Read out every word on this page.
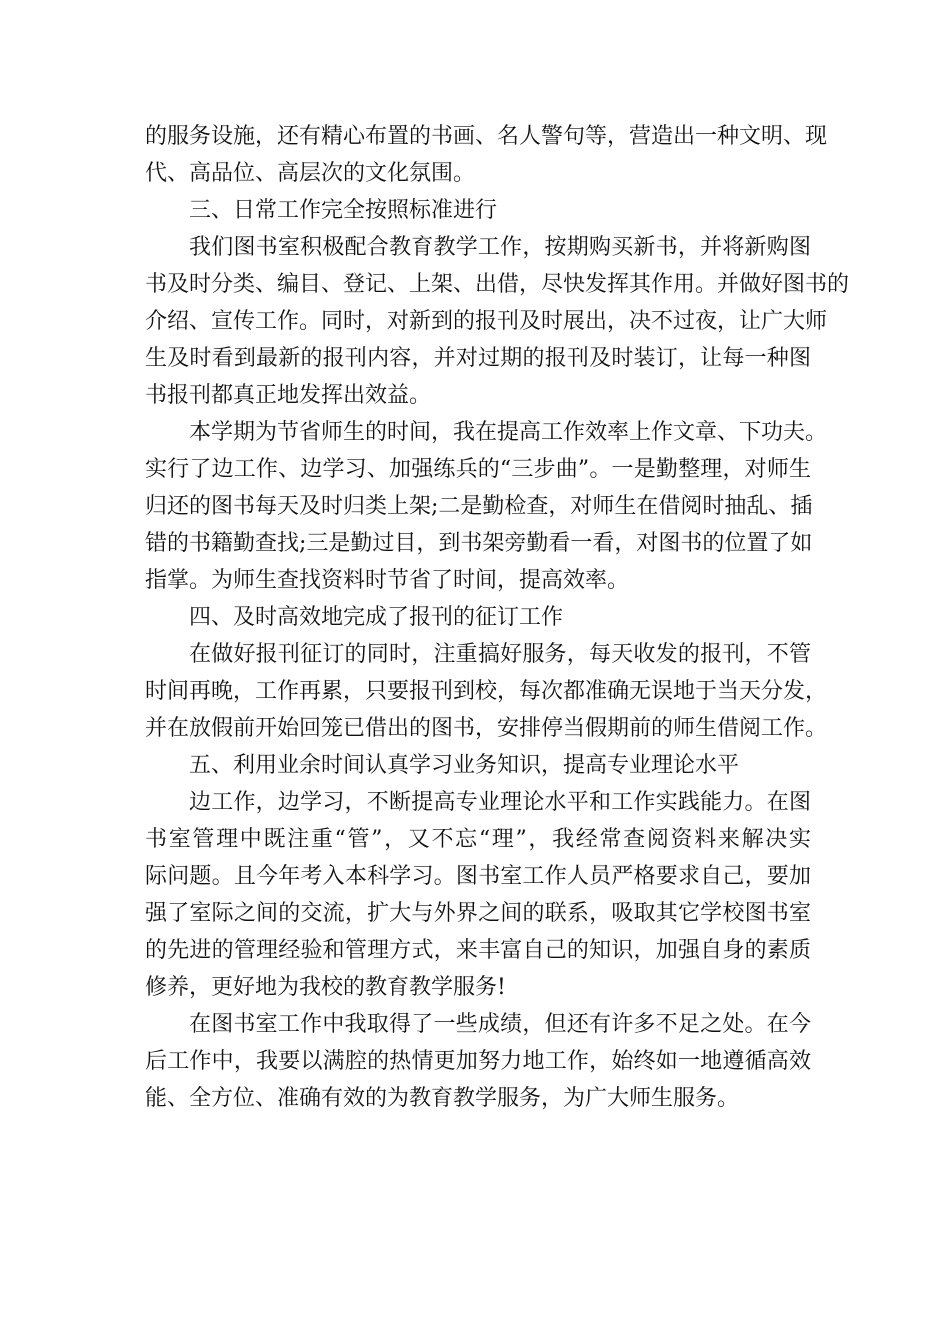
的服务设施，还有精心布置的书画、名人警句等，营造出一种文明、现
代、高品位、高层次的文化氛围。
三、日常工作完全按照标准进行
我们图书室积极配合教育教学工作，按期购买新书，并将新购图
书及时分类、编目、登记、上架、出借，尽快发挥其作用。并做好图书的
介绍、宣传工作。同时，对新到的报刊及时展出，决不过夜，让广大师
生及时看到最新的报刊内容，并对过期的报刊及时装订，让每一种图
书报刊都真正地发挥出效益。
本学期为节省师生的时间，我在提高工作效率上作文章、下功夫。
实行了边工作、边学习、加强练兵的“三步曲”。一是勤整理，对师生
归还的图书每天及时归类上架;二是勤检查，对师生在借阅时抽乱、插
错的书籍勤查找;三是勤过目，到书架旁勤看一看，对图书的位置了如
指掌。为师生查找资料时节省了时间，提高效率。
四、及时高效地完成了报刊的征订工作
在做好报刊征订的同时，注重搞好服务，每天收发的报刊，不管
时间再晚，工作再累，只要报刊到校，每次都准确无误地于当天分发，
并在放假前开始回笼已借出的图书，安排停当假期前的师生借阅工作。
五、利用业余时间认真学习业务知识，提高专业理论水平
边工作，边学习，不断提高专业理论水平和工作实践能力。在图
书室管理中既注重“管”，又不忘“理”，我经常查阅资料来解决实
际问题。且今年考入本科学习。图书室工作人员严格要求自己，要加
强了室际之间的交流，扩大与外界之间的联系，吸取其它学校图书室
的先进的管理经验和管理方式，来丰富自己的知识，加强自身的素质
修养，更好地为我校的教育教学服务!
在图书室工作中我取得了一些成绩，但还有许多不足之处。在今
后工作中，我要以满腔的热情更加努力地工作，始终如一地遵循高效
能、全方位、准确有效的为教育教学服务，为广大师生服务。
